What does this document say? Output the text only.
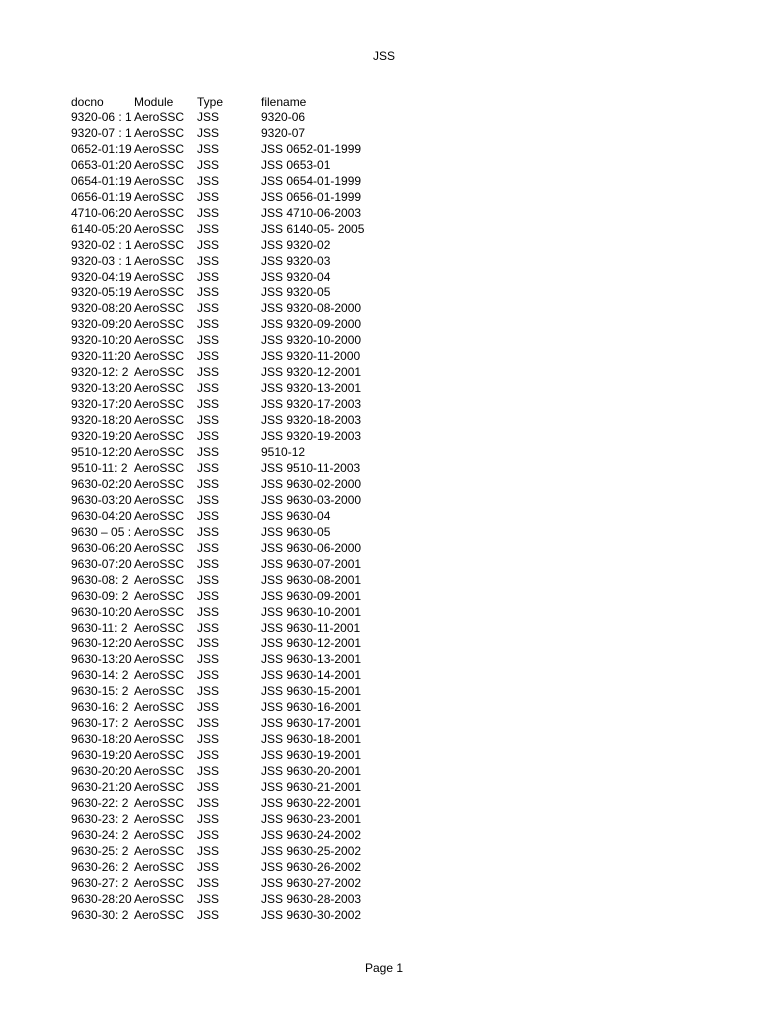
JSS
docno	Module	Type	filename
9320-06 : 1	AeroSSC	JSS	9320-06
9320-07 : 1	AeroSSC	JSS	9320-07
0652-01:19	AeroSSC	JSS	JSS 0652-01-1999
0653-01:20	AeroSSC	JSS	JSS 0653-01
0654-01:19	AeroSSC	JSS	JSS 0654-01-1999
0656-01:19	AeroSSC	JSS	JSS 0656-01-1999
4710-06:20	AeroSSC	JSS	JSS 4710-06-2003
6140-05:20	AeroSSC	JSS	JSS 6140-05- 2005
9320-02 : 1	AeroSSC	JSS	JSS 9320-02
9320-03 : 1	AeroSSC	JSS	JSS 9320-03
9320-04:19	AeroSSC	JSS	JSS 9320-04
9320-05:19	AeroSSC	JSS	JSS 9320-05
9320-08:20	AeroSSC	JSS	JSS 9320-08-2000
9320-09:20	AeroSSC	JSS	JSS 9320-09-2000
9320-10:20	AeroSSC	JSS	JSS 9320-10-2000
9320-11:20	AeroSSC	JSS	JSS 9320-11-2000
9320-12: 2	AeroSSC	JSS	JSS 9320-12-2001
9320-13:20	AeroSSC	JSS	JSS 9320-13-2001
9320-17:20	AeroSSC	JSS	JSS 9320-17-2003
9320-18:20	AeroSSC	JSS	JSS 9320-18-2003
9320-19:20	AeroSSC	JSS	JSS 9320-19-2003
9510-12:20	AeroSSC	JSS	9510-12
9510-11: 2	AeroSSC	JSS	JSS 9510-11-2003
9630-02:20	AeroSSC	JSS	JSS 9630-02-2000
9630-03:20	AeroSSC	JSS	JSS 9630-03-2000
9630-04:20	AeroSSC	JSS	JSS 9630-04
9630 – 05 :	AeroSSC	JSS	JSS 9630-05
9630-06:20	AeroSSC	JSS	JSS 9630-06-2000
9630-07:20	AeroSSC	JSS	JSS 9630-07-2001
9630-08: 2	AeroSSC	JSS	JSS 9630-08-2001
9630-09: 2	AeroSSC	JSS	JSS 9630-09-2001
9630-10:20	AeroSSC	JSS	JSS 9630-10-2001
9630-11: 2	AeroSSC	JSS	JSS 9630-11-2001
9630-12:20	AeroSSC	JSS	JSS 9630-12-2001
9630-13:20	AeroSSC	JSS	JSS 9630-13-2001
9630-14: 2	AeroSSC	JSS	JSS 9630-14-2001
9630-15: 2	AeroSSC	JSS	JSS 9630-15-2001
9630-16: 2	AeroSSC	JSS	JSS 9630-16-2001
9630-17: 2	AeroSSC	JSS	JSS 9630-17-2001
9630-18:20	AeroSSC	JSS	JSS 9630-18-2001
9630-19:20	AeroSSC	JSS	JSS 9630-19-2001
9630-20:20	AeroSSC	JSS	JSS 9630-20-2001
9630-21:20	AeroSSC	JSS	JSS 9630-21-2001
9630-22: 2	AeroSSC	JSS	JSS 9630-22-2001
9630-23: 2	AeroSSC	JSS	JSS 9630-23-2001
9630-24: 2	AeroSSC	JSS	JSS 9630-24-2002
9630-25: 2	AeroSSC	JSS	JSS 9630-25-2002
9630-26: 2	AeroSSC	JSS	JSS 9630-26-2002
9630-27: 2	AeroSSC	JSS	JSS 9630-27-2002
9630-28:20	AeroSSC	JSS	JSS 9630-28-2003
9630-30: 2	AeroSSC	JSS	JSS 9630-30-2002
Page 1
